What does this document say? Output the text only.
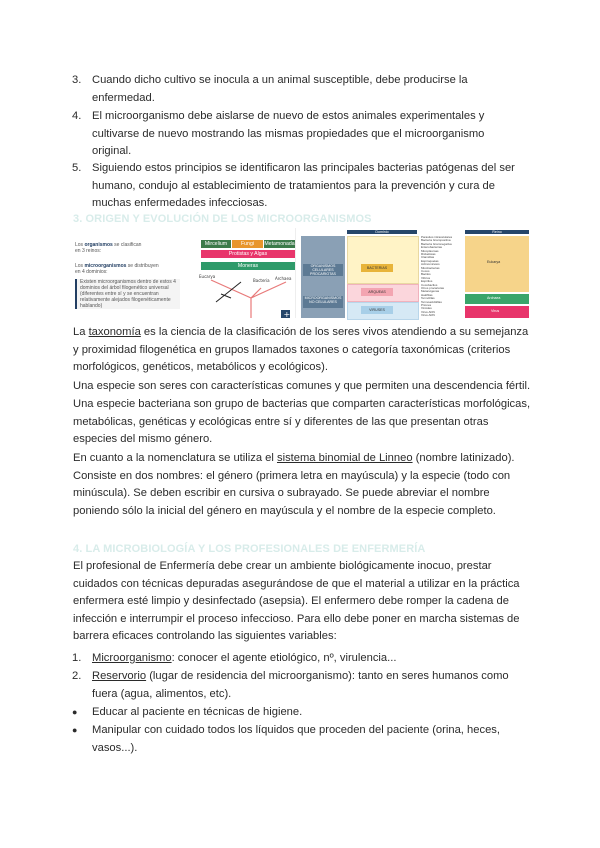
3. Cuando dicho cultivo se inocula a un animal susceptible, debe producirse la enfermedad.
4. El microorganismo debe aislarse de nuevo de estos animales experimentales y cultivarse de nuevo mostrando las mismas propiedades que el microorganismo original.
5. Siguiendo estos principios se identificaron las principales bacterias patógenas del ser humano, condujo al establecimiento de tratamientos para la prevención y cura de muchas enfermedades infecciosas.
3. ORIGEN Y EVOLUCIÓN DE LOS MICROORGANISMOS
Los organismos se clasifican
en 3 reinos:
Mircelium	Fungi	Metamonada
Protistas y Algas
Moneras
Los microorganismos se distribuyen
en 4 dominios:
Existen microorganismos dentro de estos 4 dominios del árbol filogenético universal (diferentes entre sí y se encuentran relativamente alejados filogenéticamente hablando)
+
Eucarya
Bacteria Archaea
Dominio	Reino
ORGANISMOS CELULARES PROCARIOTAS
MICROORGANISMOS NO CELULARES
BACTERIAS
ARQUEAS
VIRUSES
Parasitos intracelulares
Bacteria Grampositiva
Bacteria Gramnegativa
Enterobacterias
Micoplasmas
Rickettsias
Clamidias
Espiroquetas
Actinomicetos
Micobacterias
Cocos
Bacilos
Vibrios
Espirilos
Cocobacilos
Otros procariotas
Metanógenas
Halófilas
Termófilas
Termoacidófilas
Priones
Viroides
Virus ADN
Virus ARN
Eukarya
Archaea
Virus
La taxonomía es la ciencia de la clasificación de los seres vivos atendiendo a su semejanza y proximidad filogenética en grupos llamados taxones o categoría taxonómicas (criterios morfológicos, genéticos, metabólicos y ecológicos).
Una especie son seres con características comunes y que permiten una descendencia fértil.
Una especie bacteriana son grupo de bacterias que comparten características morfológicas, metabólicas, genéticas y ecológicas entre sí y diferentes de las que presentan otras especies del mismo género.
En cuanto a la nomenclatura se utiliza el sistema binomial de Linneo (nombre latinizado). Consiste en dos nombres: el género (primera letra en mayúscula) y la especie (todo con minúscula). Se deben escribir en cursiva o subrayado. Se puede abreviar el nombre poniendo sólo la inicial del género en mayúscula y el nombre de la especie completo.
4. LA MICROBIOLOGÍA Y LOS PROFESIONALES DE ENFERMERÍA
El profesional de Enfermería debe crear un ambiente biológicamente inocuo, prestar cuidados con técnicas depuradas asegurándose de que el material a utilizar en la práctica enfermera esté limpio y desinfectado (asepsia). El enfermero debe romper la cadena de infección e interrumpir el proceso infeccioso. Para ello debe poner en marcha sistemas de barrera eficaces controlando las siguientes variables:
1. Microorganismo: conocer el agente etiológico, nº, virulencia...
2. Reservorio (lugar de residencia del microorganismo): tanto en seres humanos como fuera (agua, alimentos, etc).
● Educar al paciente en técnicas de higiene.
● Manipular con cuidado todos los líquidos que proceden del paciente (orina, heces, vasos...).
